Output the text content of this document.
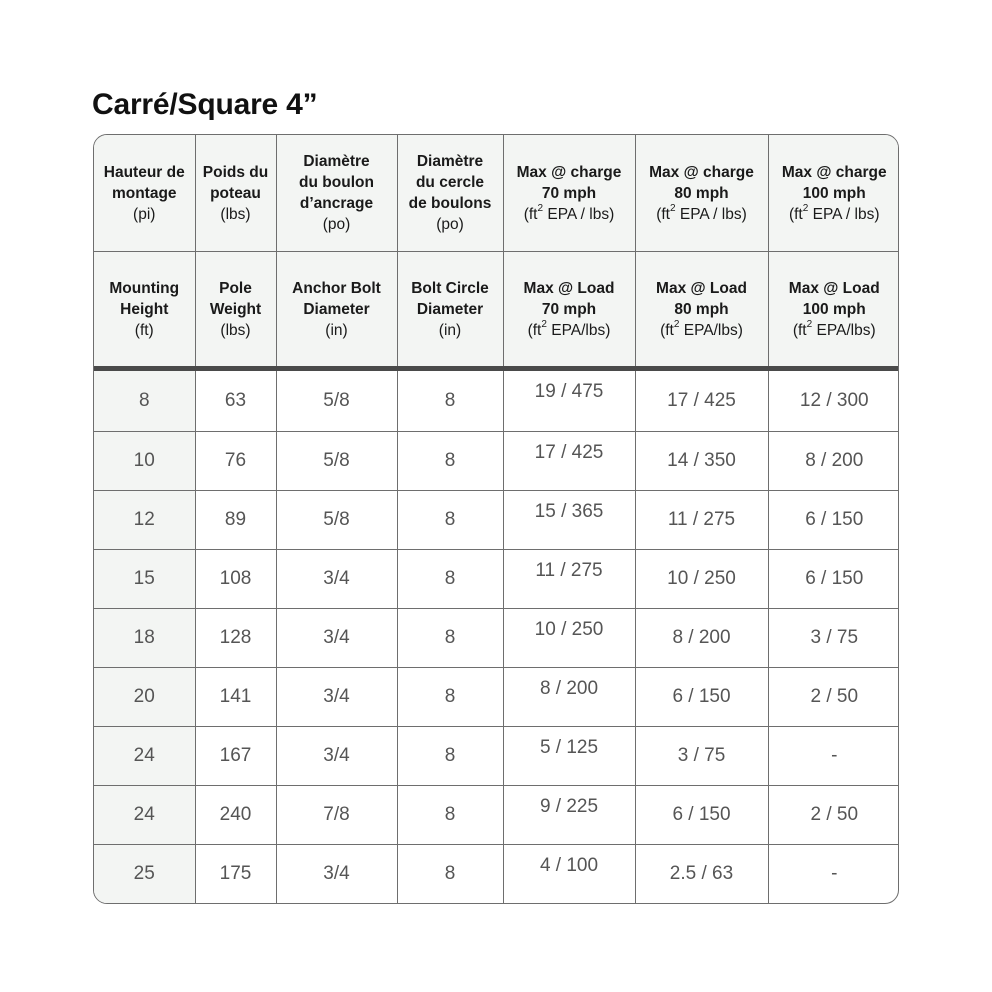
Carré/Square 4”
Hauteur de
montage
(pi)	Poids du
poteau
(lbs)	Diamètre
du boulon
d’ancrage
(po)	Diamètre
du cercle
de boulons
(po)	Max @ charge
70 mph
($ft^2$ EPA / lbs)	Max @ charge
80 mph
($ft^2$ EPA / lbs)	Max @ charge
100 mph
($ft^2$ EPA / lbs)

Mounting
Height
(ft)	Pole
Weight
(lbs)	Anchor Bolt
Diameter
(in)	Bolt Circle
Diameter
(in)	Max @ Load
70 mph
($ft^2$ EPA/lbs)	Max @ Load
80 mph
($ft^2$ EPA/lbs)	Max @ Load
100 mph
($ft^2$ EPA/lbs)

8	63	5/8	8	19 / 475	17 / 425	12 / 300
10	76	5/8	8	17 / 425	14 / 350	8 / 200
12	89	5/8	8	15 / 365	11 / 275	6 / 150
15	108	3/4	8	11 / 275	10 / 250	6 / 150
18	128	3/4	8	10 / 250	8 / 200	3 / 75
20	141	3/4	8	8 / 200	6 / 150	2 / 50
24	167	3/4	8	5 / 125	3 / 75	-
24	240	7/8	8	9 / 225	6 / 150	2 / 50
25	175	3/4	8	4 / 100	2.5 / 63	-
